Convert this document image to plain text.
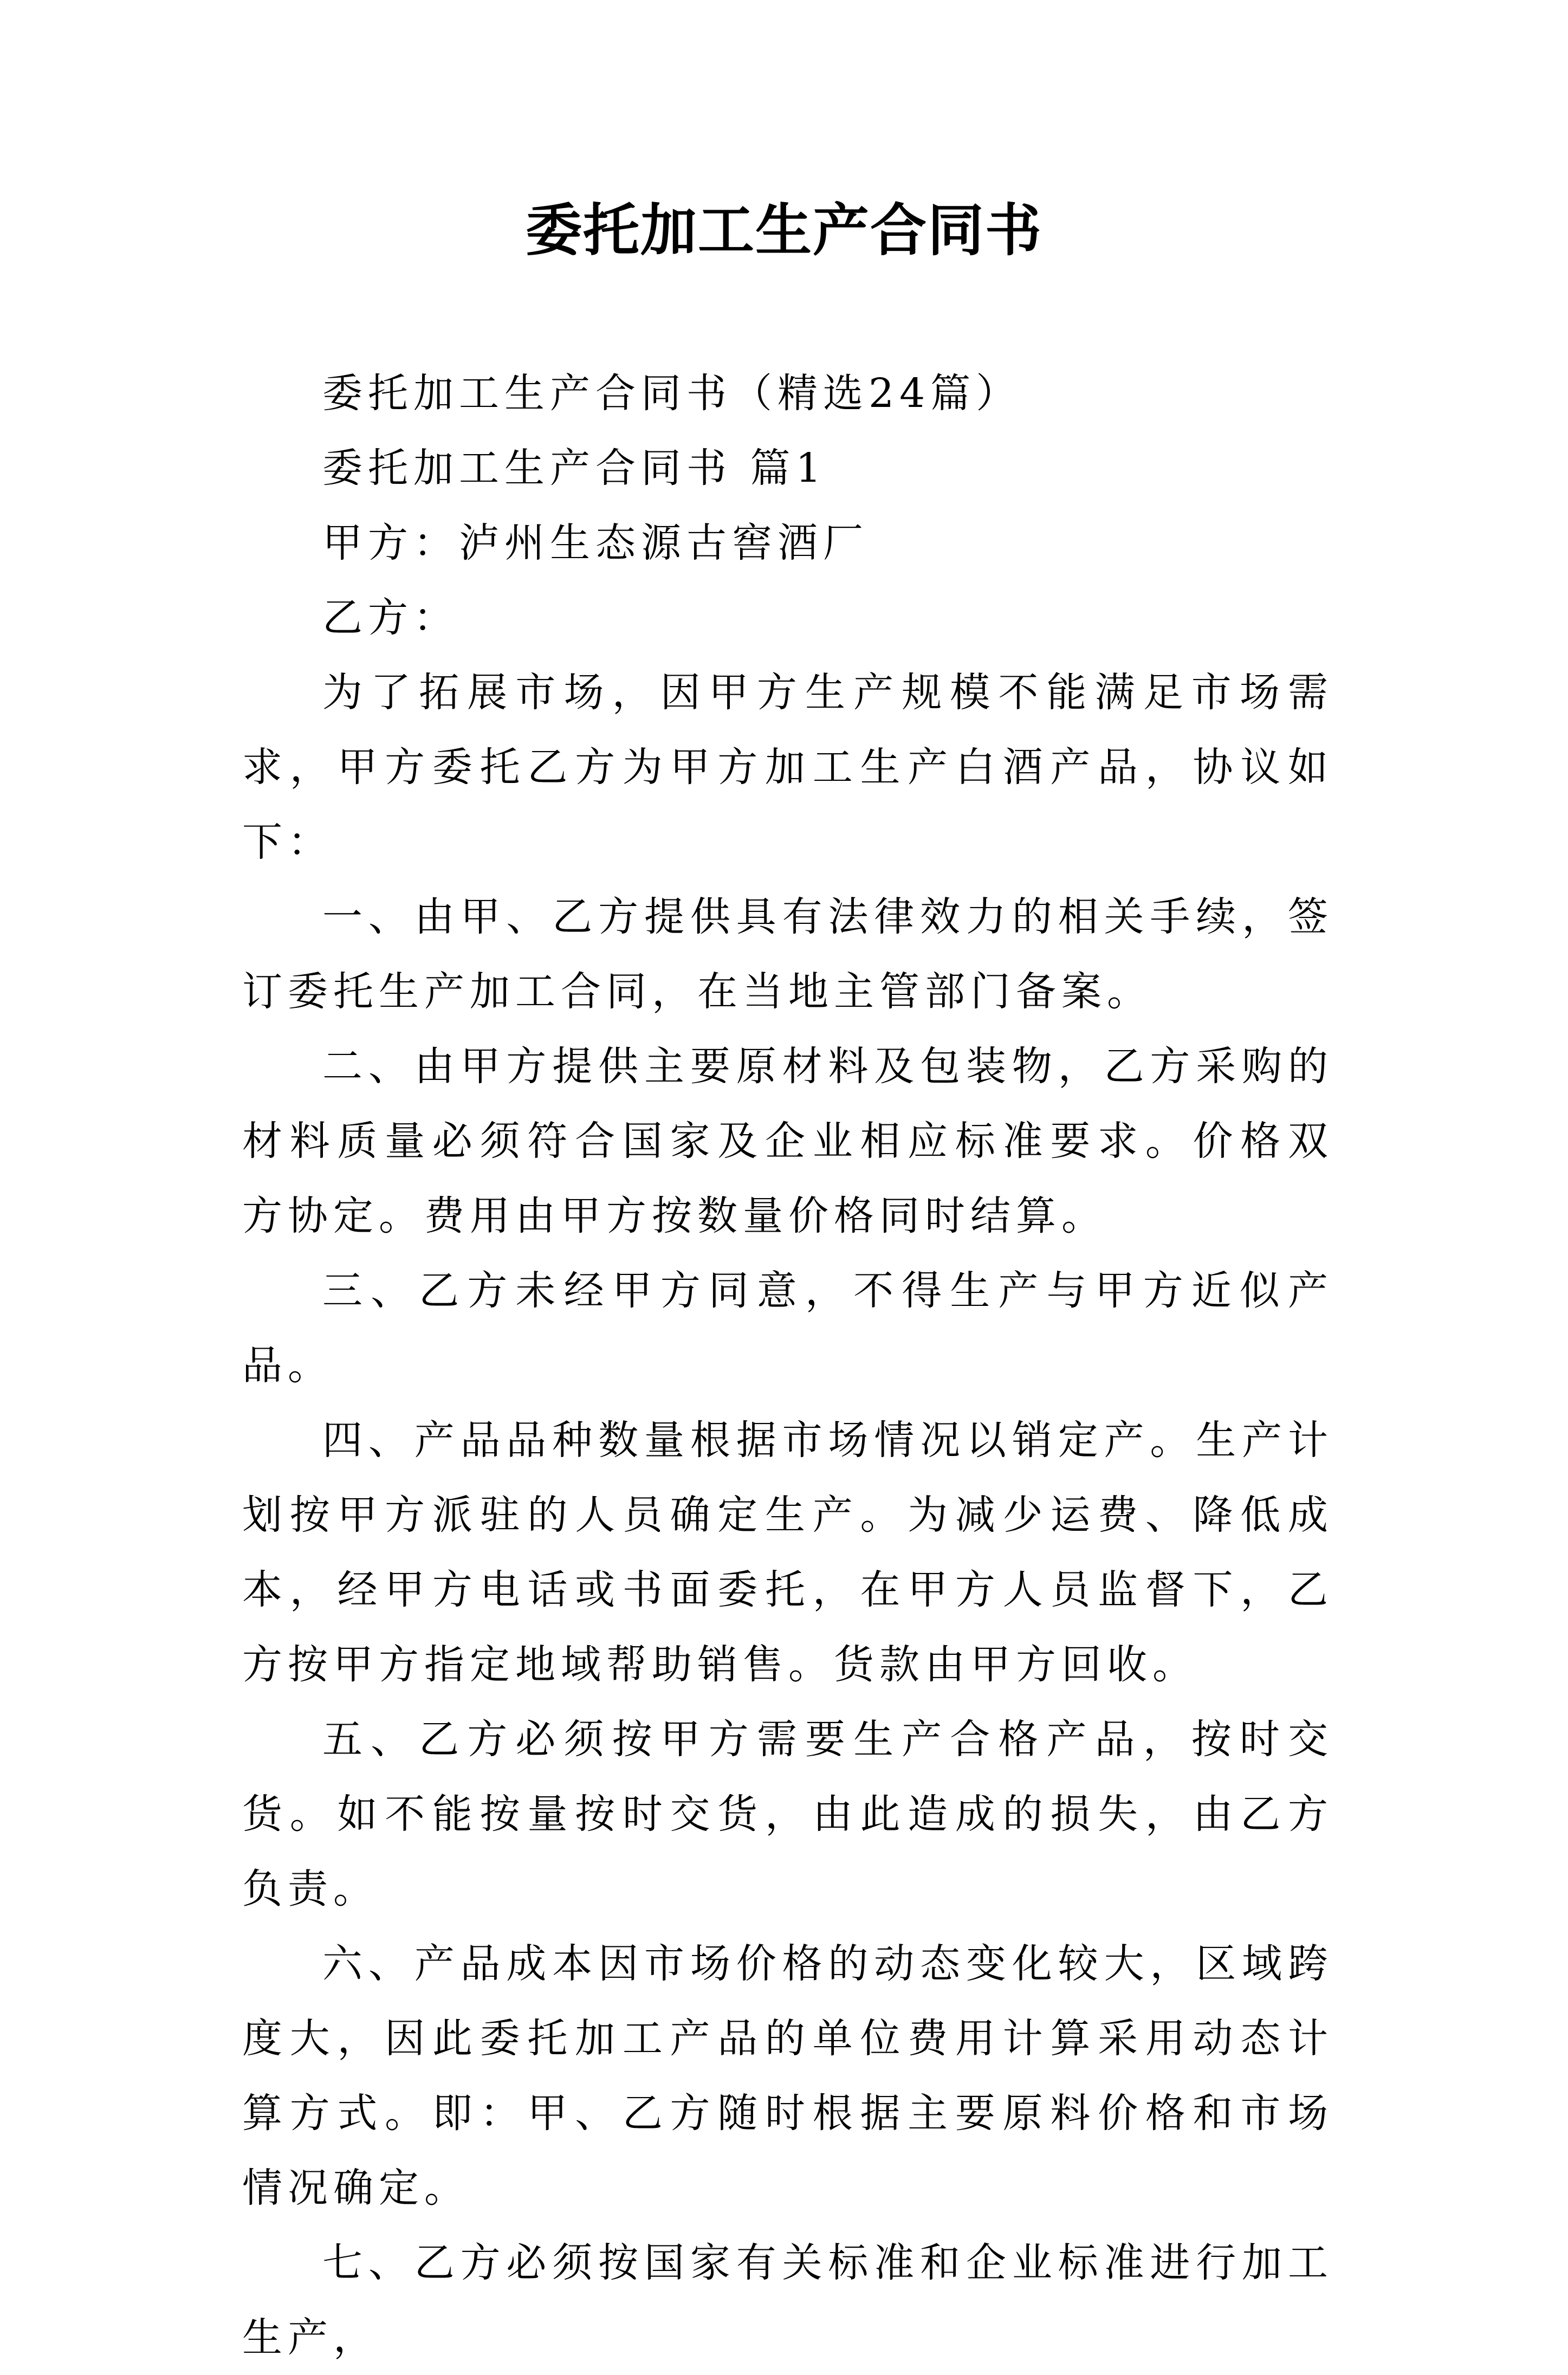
委托加工生产合同书

委托加工生产合同书（精选24篇）

委托加工生产合同书 篇1

甲方：泸州生态源古窖酒厂

乙方：

为了拓展市场，因甲方生产规模不能满足市场需求，甲方委托乙方为甲方加工生产白酒产品，协议如下：

一、由甲、乙方提供具有法律效力的相关手续，签订委托生产加工合同，在当地主管部门备案。

二、由甲方提供主要原材料及包装物，乙方采购的材料质量必须符合国家及企业相应标准要求。价格双方协定。费用由甲方按数量价格同时结算。

三、乙方未经甲方同意，不得生产与甲方近似产品。

四、产品品种数量根据市场情况以销定产。生产计划按甲方派驻的人员确定生产。为减少运费、降低成本，经甲方电话或书面委托，在甲方人员监督下，乙方按甲方指定地域帮助销售。货款由甲方回收。

五、乙方必须按甲方需要生产合格产品，按时交货。如不能按量按时交货，由此造成的损失，由乙方负责。

六、产品成本因市场价格的动态变化较大，区域跨度大，因此委托加工产品的单位费用计算采用动态计算方式。即：甲、乙方随时根据主要原料价格和市场情况确定。

七、乙方必须按国家有关标准和企业标准进行加工生产，
